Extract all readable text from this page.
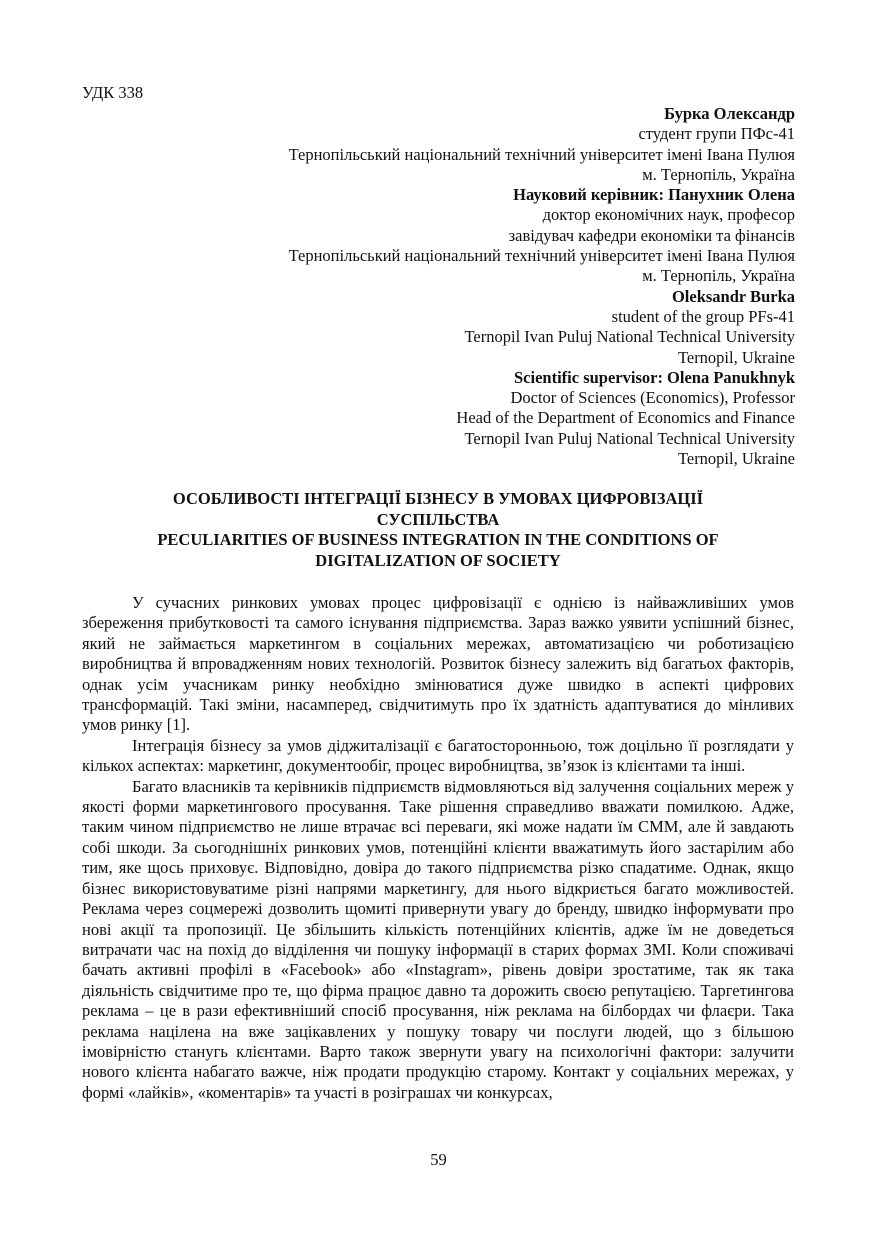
УДК 338
Бурка Олександр
студент групи ПФс-41
Тернопільський національний технічний університет імені Івана Пулюя
м. Тернопіль, Україна
Науковий керівник: Панухник Олена
доктор економічних наук, професор
завідувач кафедри економіки та фінансів
Тернопільський національний технічний університет імені Івана Пулюя
м. Тернопіль, Україна
Oleksandr Burka
student of the group PFs-41
Ternopil Ivan Puluj National Technical University
Ternopil, Ukraine
Scientific supervisor: Olena Panukhnyk
Doctor of Sciences (Economics), Professor
Head of the Department of Economics and Finance
Ternopil Ivan Puluj National Technical University
Ternopil, Ukraine
ОСОБЛИВОСТІ ІНТЕГРАЦІЇ БІЗНЕСУ В УМОВАХ ЦИФРОВІЗАЦІЇ
СУСПІЛЬСТВА
PECULIARITIES OF BUSINESS INTEGRATION IN THE CONDITIONS OF
DIGITALIZATION OF SOCIETY

У сучасних ринкових умовах процес цифровізації є однією із найважливіших умов збереження прибутковості та самого існування підприємства. Зараз важко уявити успішний бізнес, який не займається маркетингом в соціальних мережах, автоматизацією чи роботизацією виробництва й впровадженням нових технологій. Розвиток бізнесу залежить від багатьох факторів, однак усім учасникам ринку необхідно змінюватися дуже швидко в аспекті цифрових трансформацій. Такі зміни, насамперед, свідчитимуть про їх здатність адаптуватися до мінливих умов ринку [1].

Інтеграція бізнесу за умов діджиталізації є багатосторонньою, тож доцільно її розглядати у кількох аспектах: маркетинг, документообіг, процес виробництва, зв’язок із клієнтами та інші.

Багато власників та керівників підприємств відмовляються від залучення соціальних мереж у якості форми маркетингового просування. Таке рішення справедливо вважати помилкою. Адже, таким чином підприємство не лише втрачає всі переваги, які може надати їм СММ, але й завдають собі шкоди. За сьогоднішніх ринкових умов, потенційні клієнти вважатимуть його застарілим або тим, яке щось приховує. Відповідно, довіра до такого підприємства різко спадатиме. Однак, якщо бізнес використовуватиме різні напрями маркетингу, для нього відкриється багато можливостей. Реклама через соцмережі дозволить щомиті привернути увагу до бренду, швидко інформувати про нові акції та пропозиції. Це збільшить кількість потенційних клієнтів, адже їм не доведеться витрачати час на похід до відділення чи пошуку інформації в старих формах ЗМІ. Коли споживачі бачать активні профілі в «Facebook» або «Instagram», рівень довіри зростатиме, так як така діяльність свідчитиме про те, що фірма працює давно та дорожить своєю репутацією. Таргетингова реклама – це в рази ефективніший спосіб просування, ніж реклама на білбордах чи флаєри. Така реклама націлена на вже зацікавлених у пошуку товару чи послуги людей, що з більшою імовірністю станугь клієнтами. Варто також звернути увагу на психологічні фактори: залучити нового клієнта набагато важче, ніж продати продукцію старому. Контакт у соціальних мережах, у формі «лайків», «коментарів» та участі в розіграшах чи конкурсах,

59
